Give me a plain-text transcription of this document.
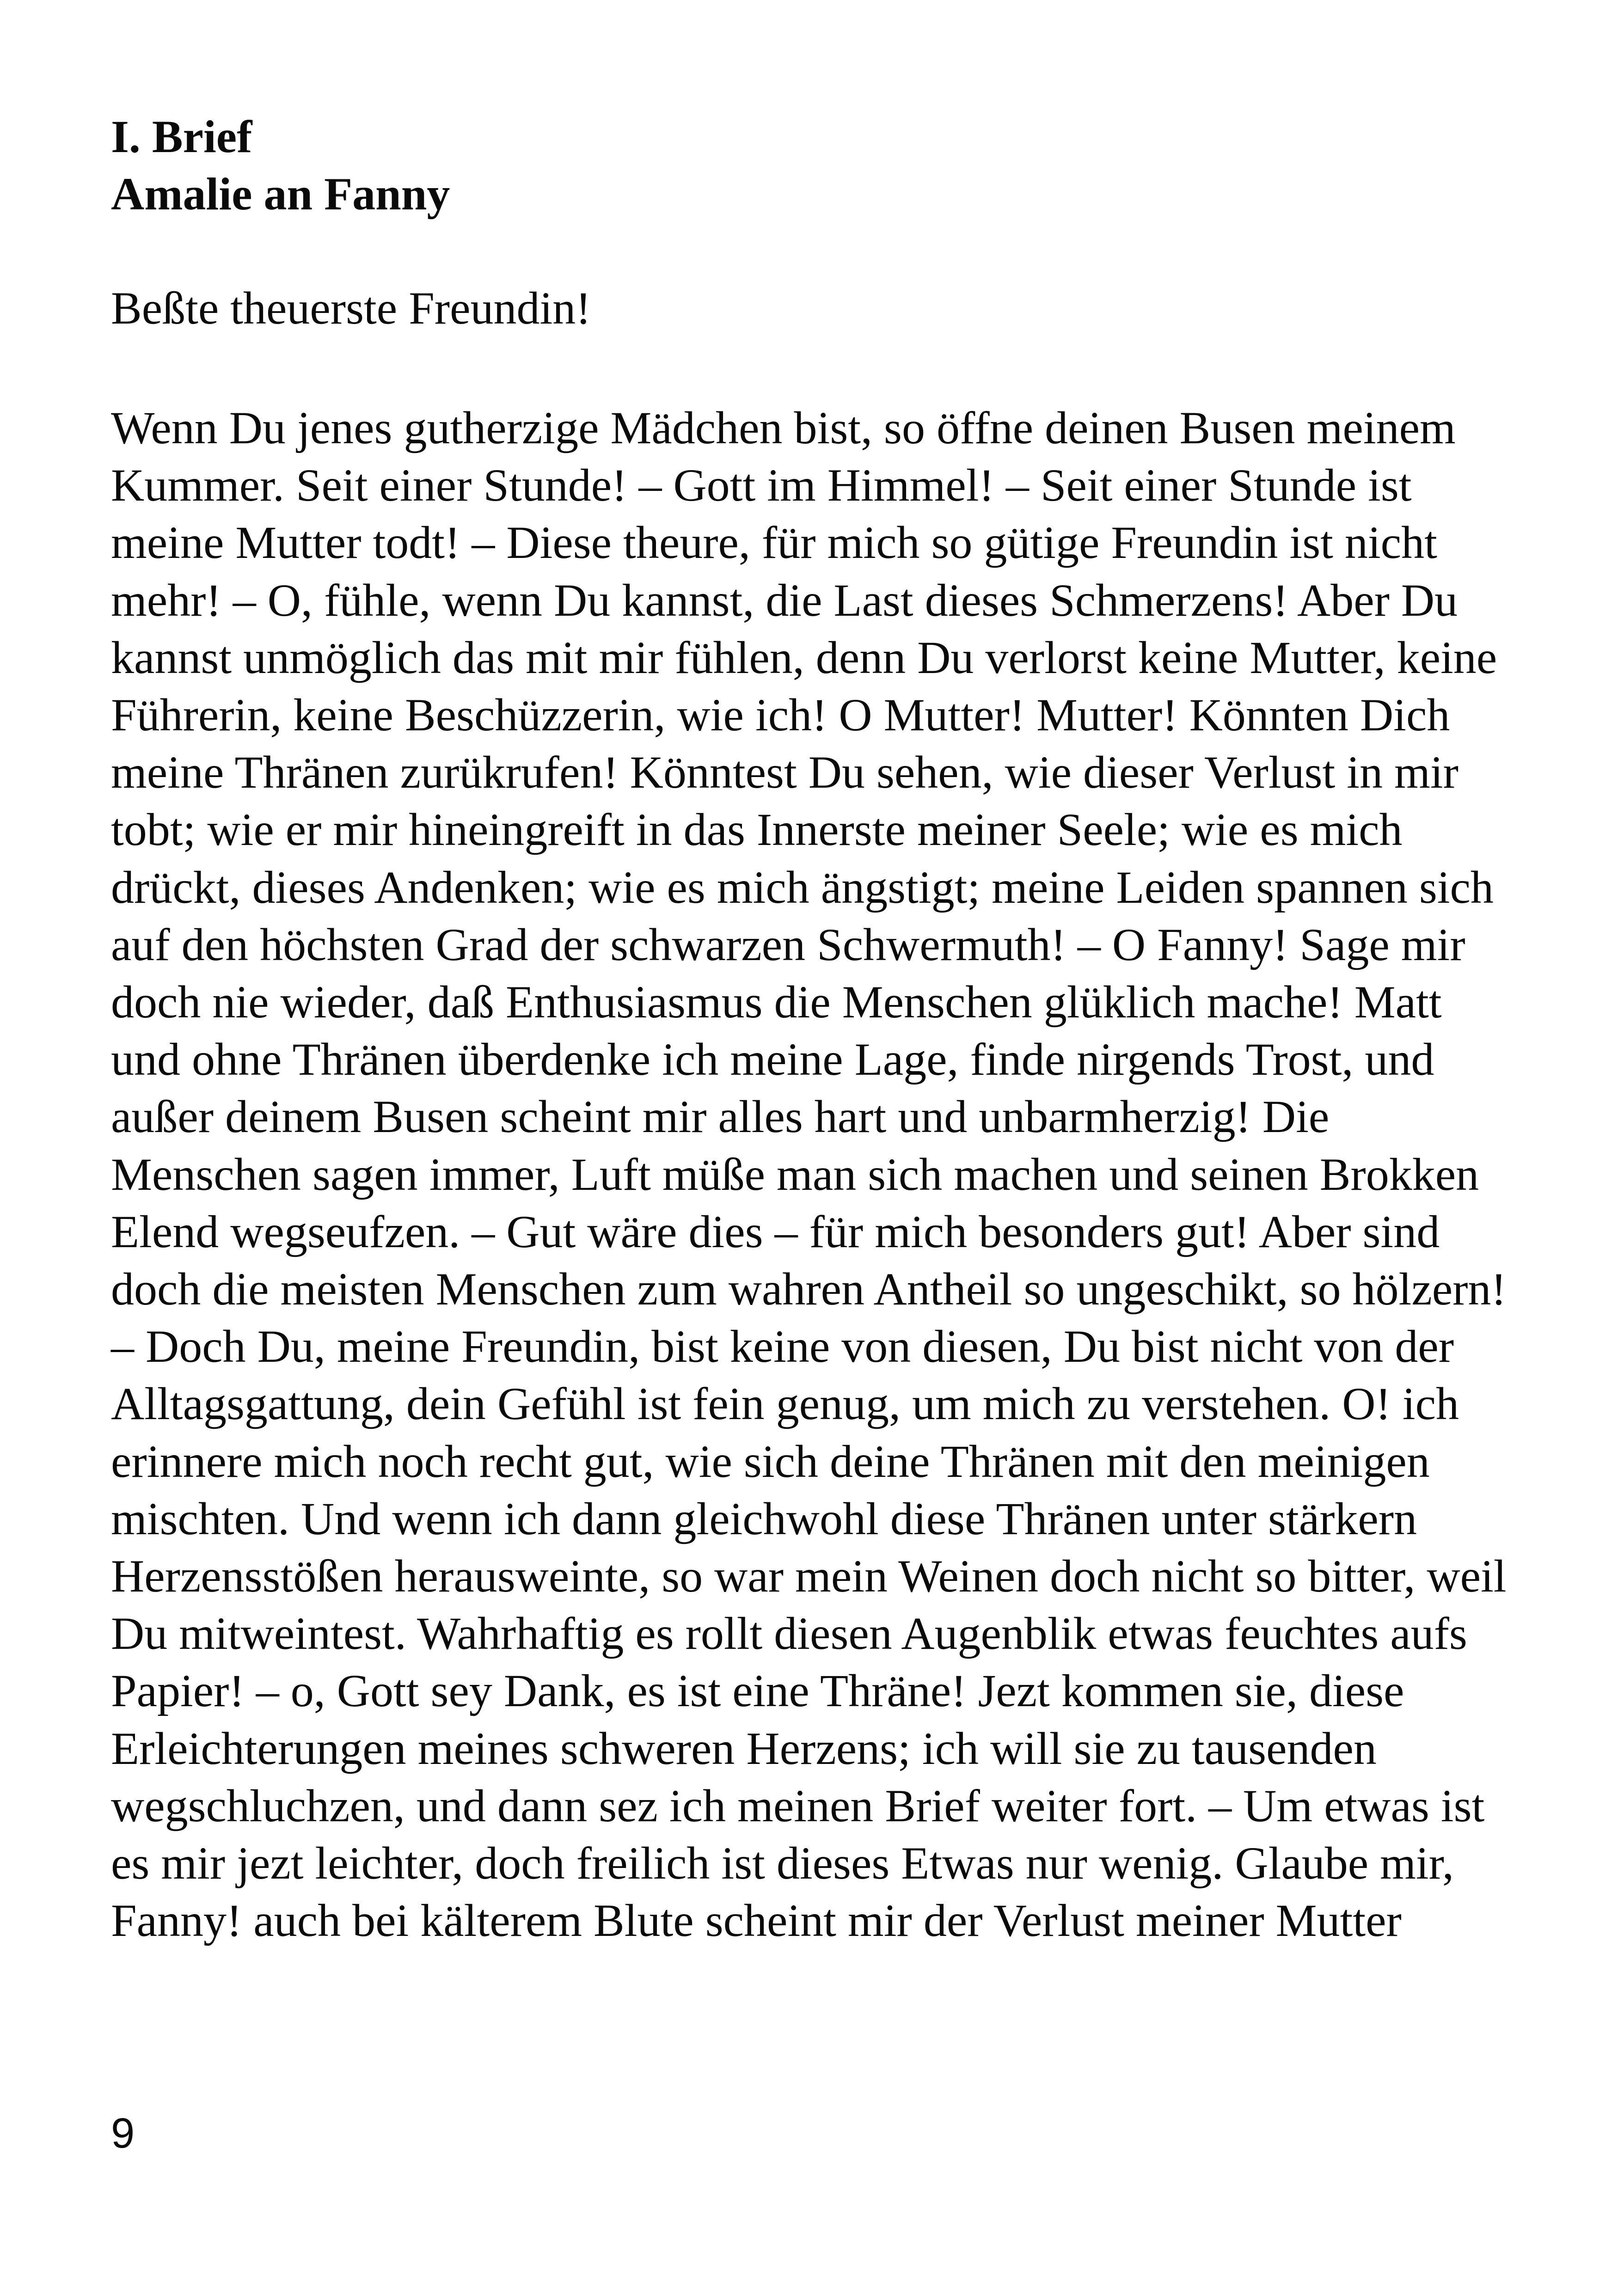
I. Brief
Amalie an Fanny

Beßte theuerste Freundin!

Wenn Du jenes gutherzige Mädchen bist, so öffne deinen Busen meinem
Kummer. Seit einer Stunde! – Gott im Himmel! – Seit einer Stunde ist
meine Mutter todt! – Diese theure, für mich so gütige Freundin ist nicht
mehr! – O, fühle, wenn Du kannst, die Last dieses Schmerzens! Aber Du
kannst unmöglich das mit mir fühlen, denn Du verlorst keine Mutter, keine
Führerin, keine Beschüzzerin, wie ich! O Mutter! Mutter! Könnten Dich
meine Thränen zurükrufen! Könntest Du sehen, wie dieser Verlust in mir
tobt; wie er mir hineingreift in das Innerste meiner Seele; wie es mich
drückt, dieses Andenken; wie es mich ängstigt; meine Leiden spannen sich
auf den höchsten Grad der schwarzen Schwermuth! – O Fanny! Sage mir
doch nie wieder, daß Enthusiasmus die Menschen glüklich mache! Matt
und ohne Thränen überdenke ich meine Lage, finde nirgends Trost, und
außer deinem Busen scheint mir alles hart und unbarmherzig! Die
Menschen sagen immer, Luft müße man sich machen und seinen Brokken
Elend wegseufzen. – Gut wäre dies – für mich besonders gut! Aber sind
doch die meisten Menschen zum wahren Antheil so ungeschikt, so hölzern!
– Doch Du, meine Freundin, bist keine von diesen, Du bist nicht von der
Alltagsgattung, dein Gefühl ist fein genug, um mich zu verstehen. O! ich
erinnere mich noch recht gut, wie sich deine Thränen mit den meinigen
mischten. Und wenn ich dann gleichwohl diese Thränen unter stärkern
Herzensstößen herausweinte, so war mein Weinen doch nicht so bitter, weil
Du mitweintest. Wahrhaftig es rollt diesen Augenblik etwas feuchtes aufs
Papier! – o, Gott sey Dank, es ist eine Thräne! Jezt kommen sie, diese
Erleichterungen meines schweren Herzens; ich will sie zu tausenden
wegschluchzen, und dann sez ich meinen Brief weiter fort. – Um etwas ist
es mir jezt leichter, doch freilich ist dieses Etwas nur wenig. Glaube mir,
Fanny! auch bei kälterem Blute scheint mir der Verlust meiner Mutter

9
